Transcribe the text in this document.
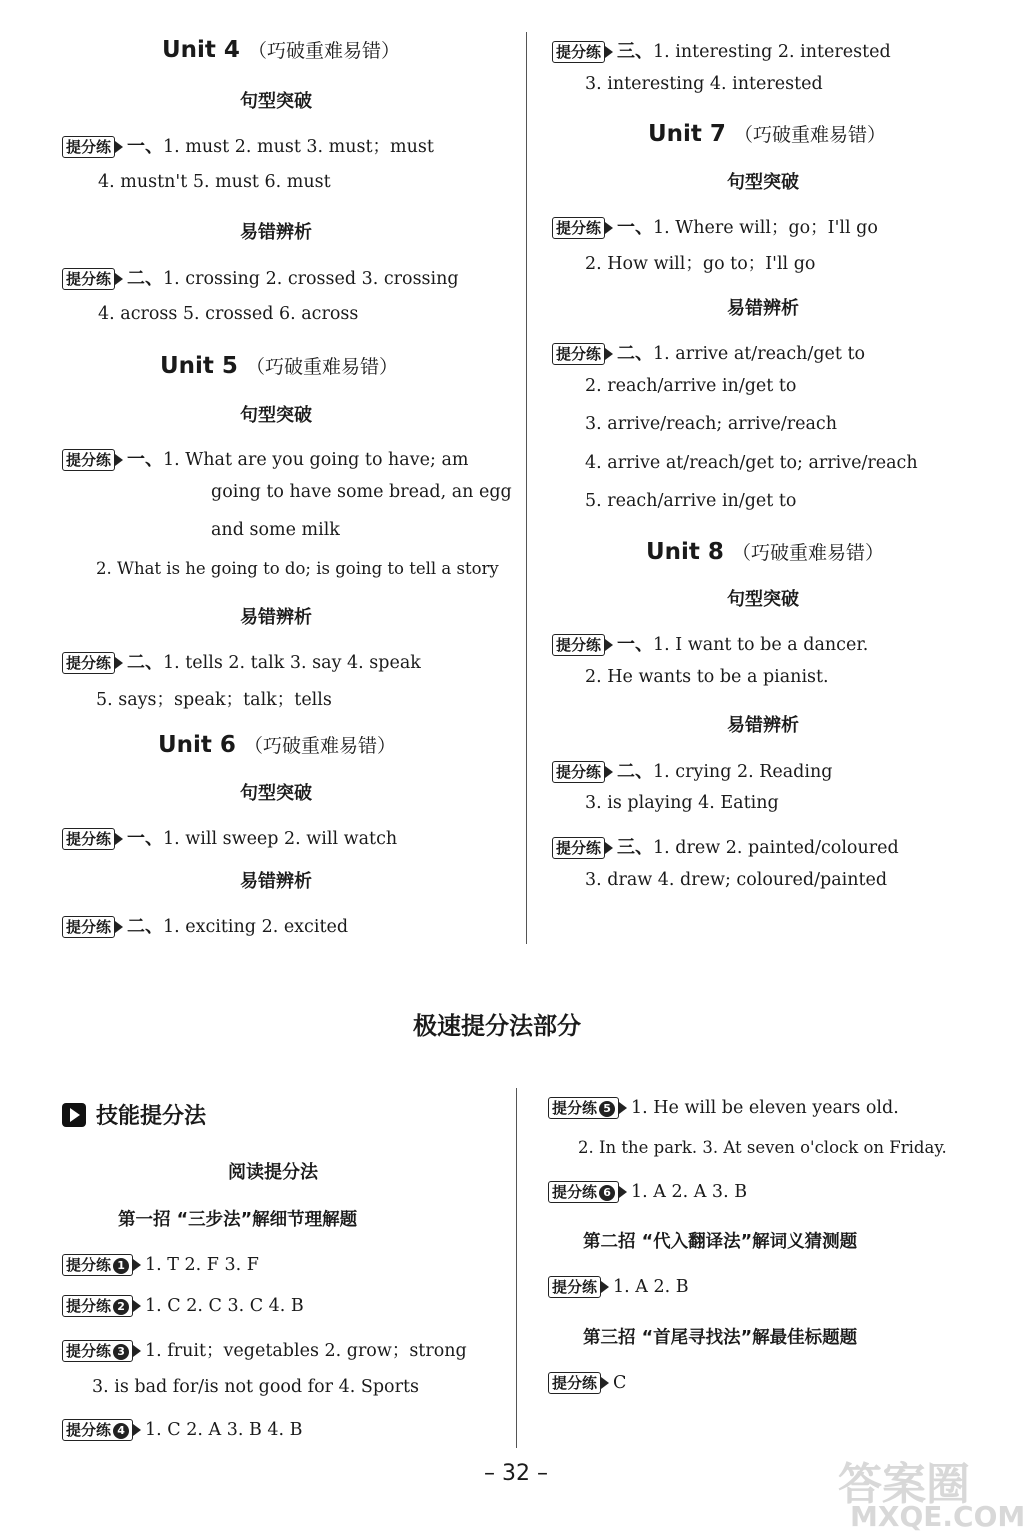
Unit 4 （巧破重难易错）
句型突破
提分练 一、1. must 2. must 3. must；must
4. mustn't 5. must 6. must
易错辨析
提分练 二、1. crossing 2. crossed 3. crossing
4. across 5. crossed 6. across
Unit 5 （巧破重难易错）
句型突破
提分练 一、1. What are you going to have; am
going to have some bread, an egg
and some milk
2. What is he going to do; is going to tell a story
易错辨析
提分练 二、1. tells 2. talk 3. say 4. speak
5. says；speak；talk；tells
Unit 6 （巧破重难易错）
句型突破
提分练 一、1. will sweep 2. will watch
易错辨析
提分练 二、1. exciting 2. excited
提分练 三、1. interesting 2. interested
3. interesting 4. interested
Unit 7 （巧破重难易错）
句型突破
提分练 一、1. Where will；go；I'll go
2. How will；go to；I'll go
易错辨析
提分练 二、1. arrive at/reach/get to
2. reach/arrive in/get to
3. arrive/reach; arrive/reach
4. arrive at/reach/get to; arrive/reach
5. reach/arrive in/get to
Unit 8 （巧破重难易错）
句型突破
提分练 一、1. I want to be a dancer.
2. He wants to be a pianist.
易错辨析
提分练 二、1. crying 2. Reading
3. is playing 4. Eating
提分练 三、1. drew 2. painted/coloured
3. draw 4. drew; coloured/painted
极速提分法部分
技能提分法
阅读提分法
第一招 “三步法”解细节理解题
提分练 1 1. T 2. F 3. F
提分练 2 1. C 2. C 3. C 4. B
提分练 3 1. fruit；vegetables 2. grow；strong
3. is bad for/is not good for 4. Sports
提分练 4 1. C 2. A 3. B 4. B
提分练 5 1. He will be eleven years old.
2. In the park. 3. At seven o'clock on Friday.
提分练 6 1. A 2. A 3. B
第二招 “代入翻译法”解词义猜测题
提分练 1. A 2. B
第三招 “首尾寻找法”解最佳标题题
提分练 C
– 32 –	答案圈
MXQE.COM
